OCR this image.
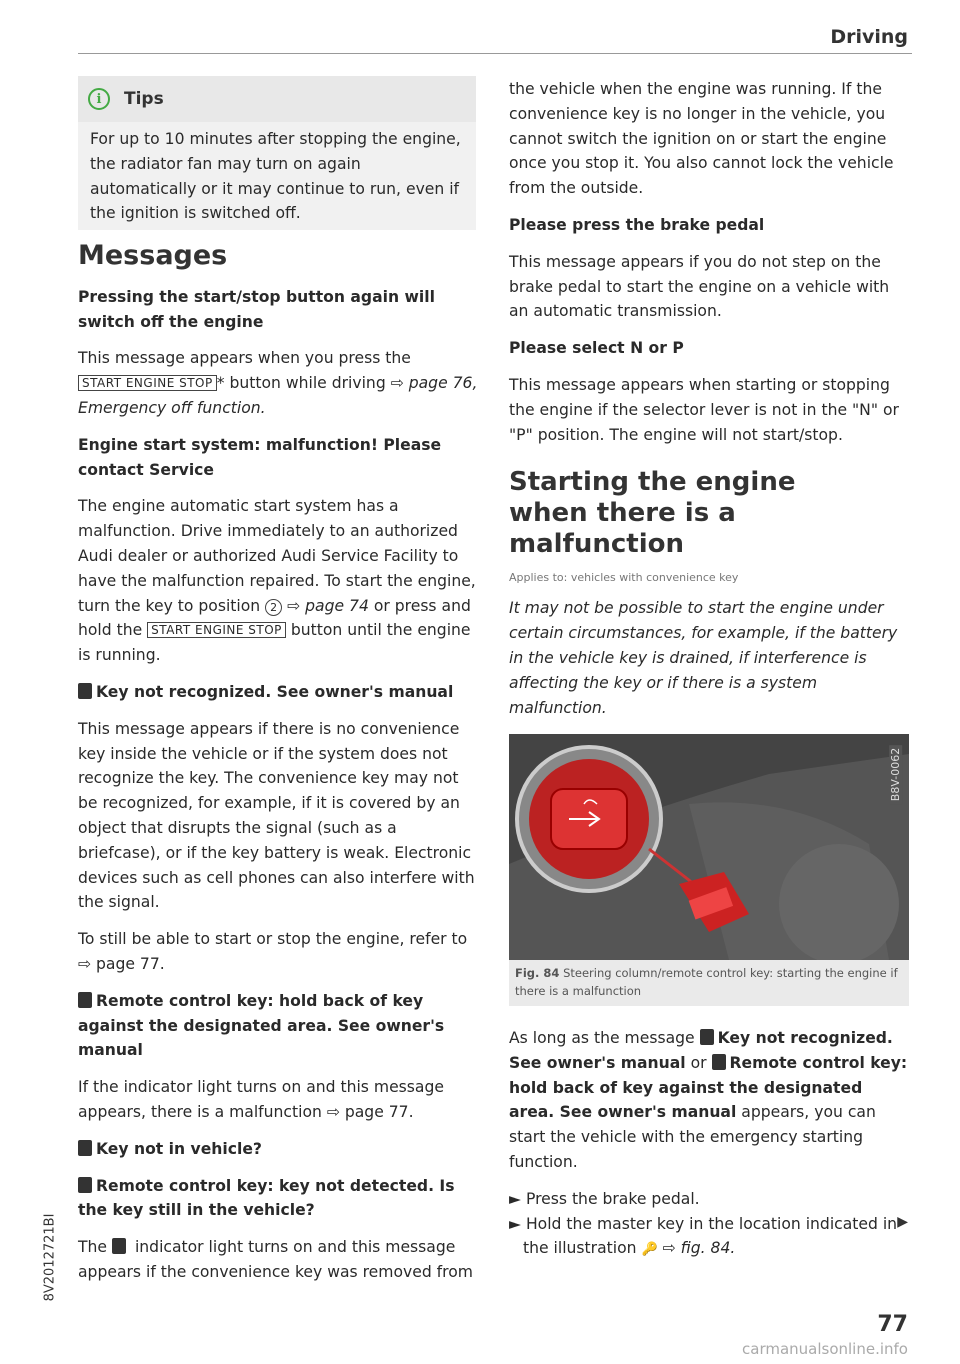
Driving
i	Tips
For up to 10 minutes after stopping the engine, the radiator fan may turn on again automatically or it may continue to run, even if the ignition is switched off.
Messages
Pressing the start/stop button again will switch off the engine

This message appears when you press the START ENGINE STOP * button while driving ⇨ page 76, Emergency off function.

Engine start system: malfunction! Please contact Service

The engine automatic start system has a malfunction. Drive immediately to an authorized Audi dealer or authorized Audi Service Facility to have the malfunction repaired. To start the engine, turn the key to position 2 ⇨ page 74 or press and hold the START ENGINE STOP button until the engine is running.

Key not recognized. See owner's manual

This message appears if there is no convenience key inside the vehicle or if the system does not recognize the key. The convenience key may not be recognized, for example, if it is covered by an object that disrupts the signal (such as a briefcase), or if the key battery is weak. Electronic devices such as cell phones can also interfere with the signal.

To still be able to start or stop the engine, refer to ⇨ page 77.

Remote control key: hold back of key against the designated area. See owner's manual

If the indicator light turns on and this message appears, there is a malfunction ⇨ page 77.

Key not in vehicle?
Remote control key: key not detected. Is the key still in the vehicle?

The indicator light turns on and this message appears if the convenience key was removed from

the vehicle when the engine was running. If the convenience key is no longer in the vehicle, you cannot switch the ignition on or start the engine once you stop it. You also cannot lock the vehicle from the outside.

Please press the brake pedal

This message appears if you do not step on the brake pedal to start the engine on a vehicle with an automatic transmission.

Please select N or P

This message appears when starting or stopping the engine if the selector lever is not in the "N" or "P" position. The engine will not start/stop.

Starting the engine when there is a malfunction
Applies to: vehicles with convenience key

It may not be possible to start the engine under certain circumstances, for example, if the battery in the vehicle key is drained, if interference is affecting the key or if there is a system malfunction.

B8V-0062
Fig. 84 Steering column/remote control key: starting the engine if there is a malfunction

As long as the message Key not recognized. See owner's manual or Remote control key: hold back of key against the designated area. See owner's manual appears, you can start the vehicle with the emergency starting function.

► Press the brake pedal.
► Hold the master key in the location indicated in the illustration 🔑 ⇨ fig. 84.
▶
8V2012721BI
77
carmanualsonline.info
